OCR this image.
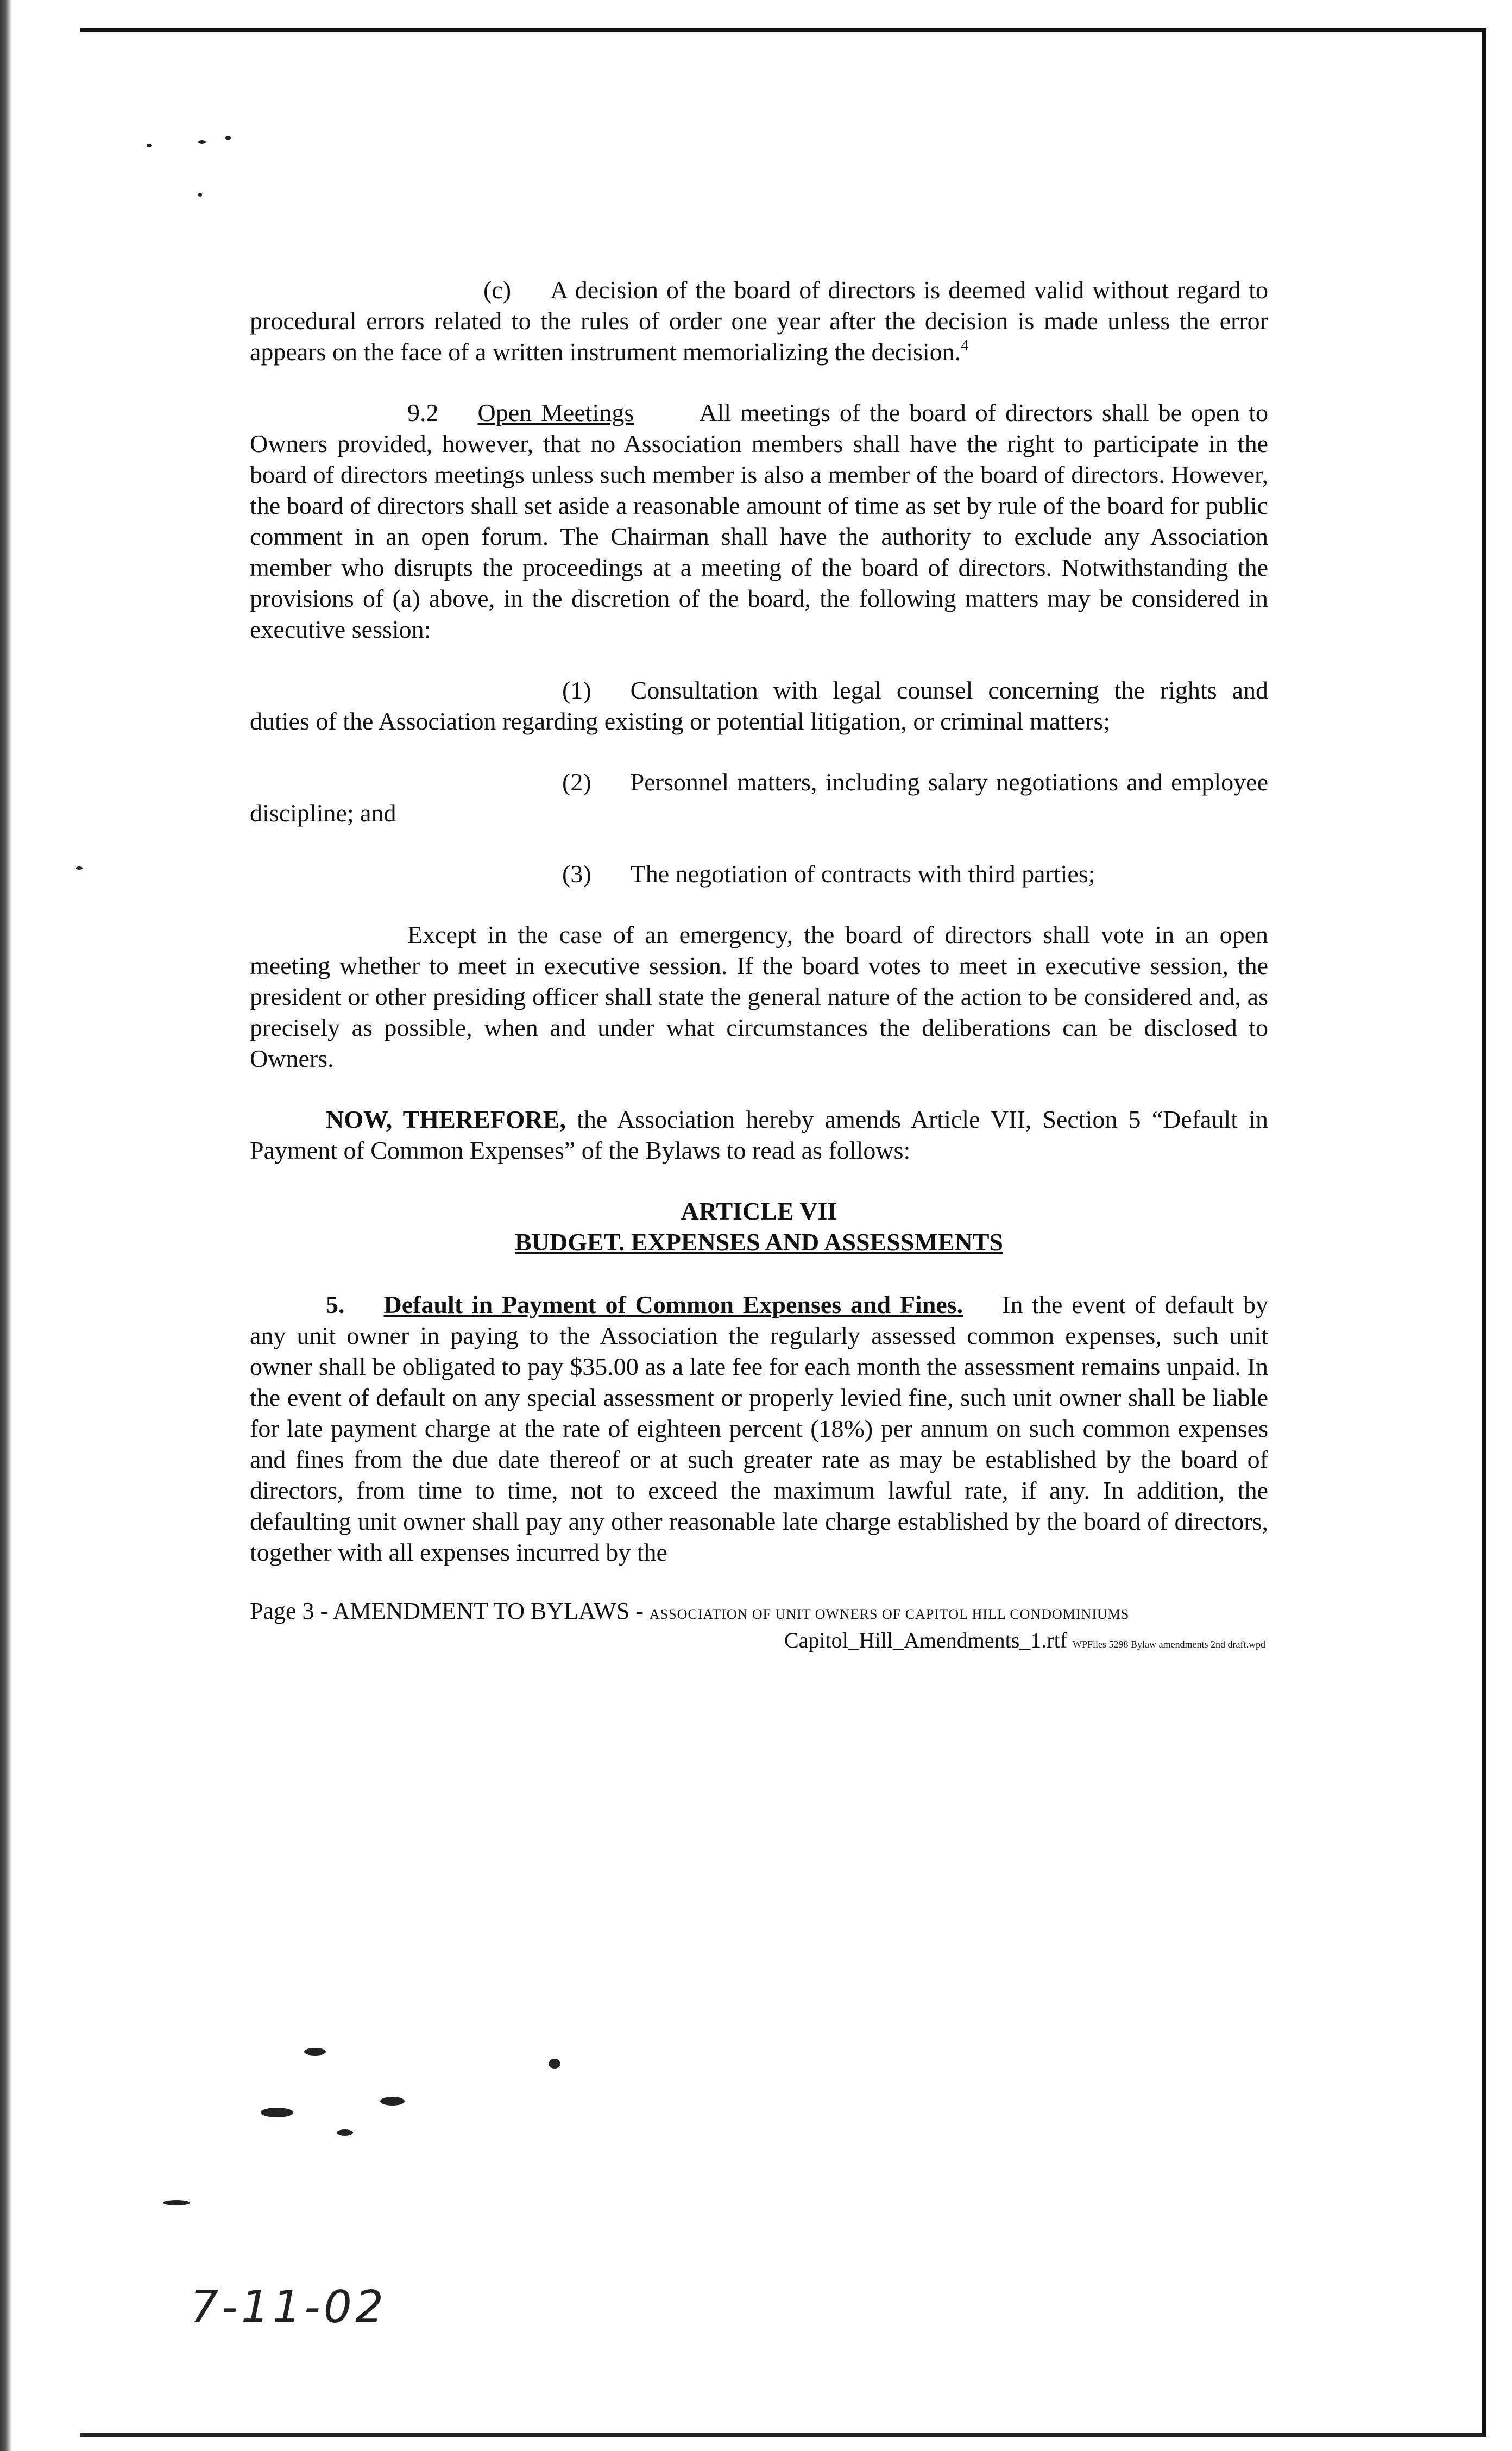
(c) A decision of the board of directors is deemed valid without regard to procedural errors related to the rules of order one year after the decision is made unless the error appears on the face of a written instrument memorializing the decision.$^4$

9.2 Open Meetings	All meetings of the board of directors shall be open to Owners provided, however, that no Association members shall have the right to participate in the board of directors meetings unless such member is also a member of the board of directors. However, the board of directors shall set aside a reasonable amount of time as set by rule of the board for public comment in an open forum. The Chairman shall have the authority to exclude any Association member who disrupts the proceedings at a meeting of the board of directors. Notwithstanding the provisions of (a) above, in the discretion of the board, the following matters may be considered in executive session:

(1) Consultation with legal counsel concerning the rights and duties of the Association regarding existing or potential litigation, or criminal matters;

(2) Personnel matters, including salary negotiations and employee discipline; and

(3) The negotiation of contracts with third parties;

Except in the case of an emergency, the board of directors shall vote in an open meeting whether to meet in executive session. If the board votes to meet in executive session, the president or other presiding officer shall state the general nature of the action to be considered and, as precisely as possible, when and under what circumstances the deliberations can be disclosed to Owners.

NOW, THEREFORE, the Association hereby amends Article VII, Section 5 “Default in Payment of Common Expenses” of the Bylaws to read as follows:

ARTICLE VII
BUDGET. EXPENSES AND ASSESSMENTS

5. Default in Payment of Common Expenses and Fines. In the event of default by any unit owner in paying to the Association the regularly assessed common expenses, such unit owner shall be obligated to pay $35.00 as a late fee for each month the assessment remains unpaid. In the event of default on any special assessment or properly levied fine, such unit owner shall be liable for late payment charge at the rate of eighteen percent (18%) per annum on such common expenses and fines from the due date thereof or at such greater rate as may be established by the board of directors, from time to time, not to exceed the maximum lawful rate, if any. In addition, the defaulting unit owner shall pay any other reasonable late charge established by the board of directors, together with all expenses incurred by the

Page 3 - AMENDMENT TO BYLAWS - ASSOCIATION OF UNIT OWNERS OF CAPITOL HILL CONDOMINIUMS
Capitol_Hill_Amendments_1.rtf WPFiles 5298 Bylaw amendments 2nd draft.wpd
7-11-02
